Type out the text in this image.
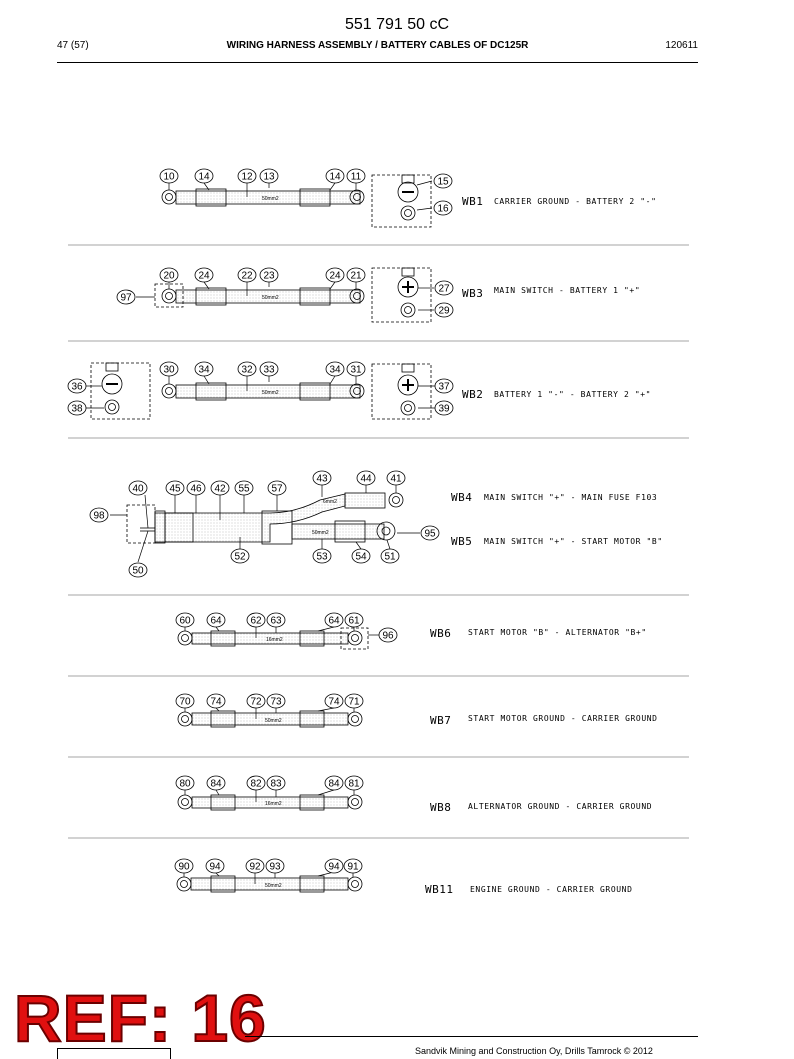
551 791 50 cC
47 (57)	WIRING HARNESS ASSEMBLY / BATTERY CABLES OF DC125R	120611
50mm2	WB1 CARRIER GROUND - BATTERY 2 "-"
50mm2	WB3 MAIN SWITCH - BATTERY 1 "+"
50mm2	WB2 BATTERY 1 "-" - BATTERY 2 "+"
6mm2
50mm2
WB4 MAIN SWITCH "+" - MAIN FUSE F103
WB5 MAIN SWITCH "+" - START MOTOR "B"
16mm2	WB6 START MOTOR "B" - ALTERNATOR "B+"
50mm2	WB7 START MOTOR GROUND - CARRIER GROUND
16mm2	WB8 ALTERNATOR GROUND - CARRIER GROUND
50mm2	WB11 ENGINE GROUND - CARRIER GROUND
10 14	12 13	14 11	15
16
20 24	22 23	24 21
97
27
29
30 34	32 33	34 31
36
38
37
39
40	45 46 42 55 57
43	44 41
98
95
52	53	54 51
50
60 64	62 63	64 61
96
70 74	72 73	74 71
80 84	82 83	84 81
90 94	92 93	94 91
REF: 16	Sandvik Mining and Construction Oy, Drills Tamrock © 2012
